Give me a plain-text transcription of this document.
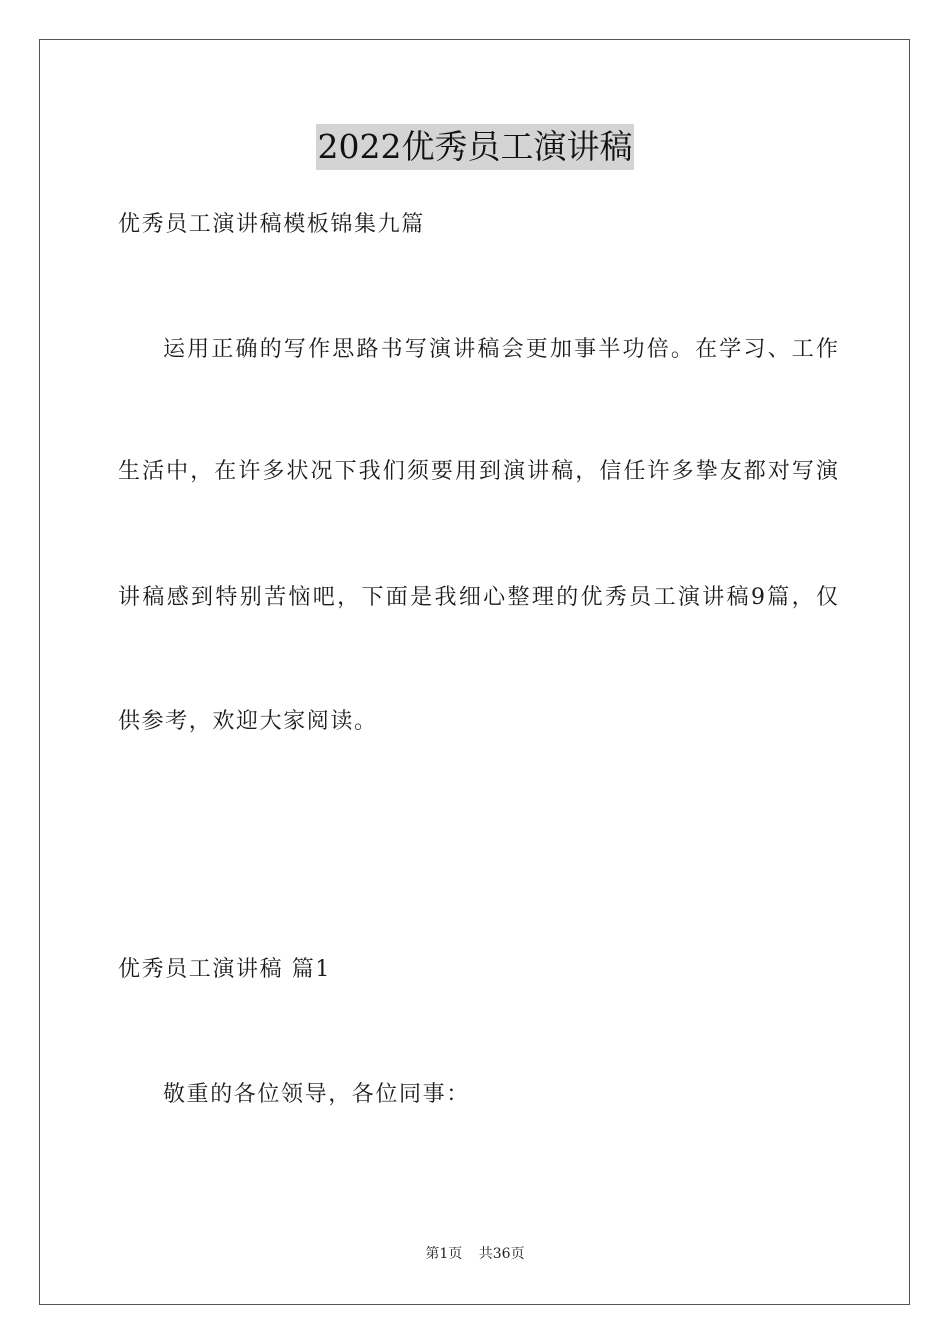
2022优秀员工演讲稿
优秀员工演讲稿模板锦集九篇
运用正确的写作思路书写演讲稿会更加事半功倍。在学习、工作
生活中，在许多状况下我们须要用到演讲稿，信任许多挚友都对写演
讲稿感到特别苦恼吧，下面是我细心整理的优秀员工演讲稿9篇，仅
供参考，欢迎大家阅读。
优秀员工演讲稿 篇1
敬重的各位领导，各位同事：
第1页 共36页
